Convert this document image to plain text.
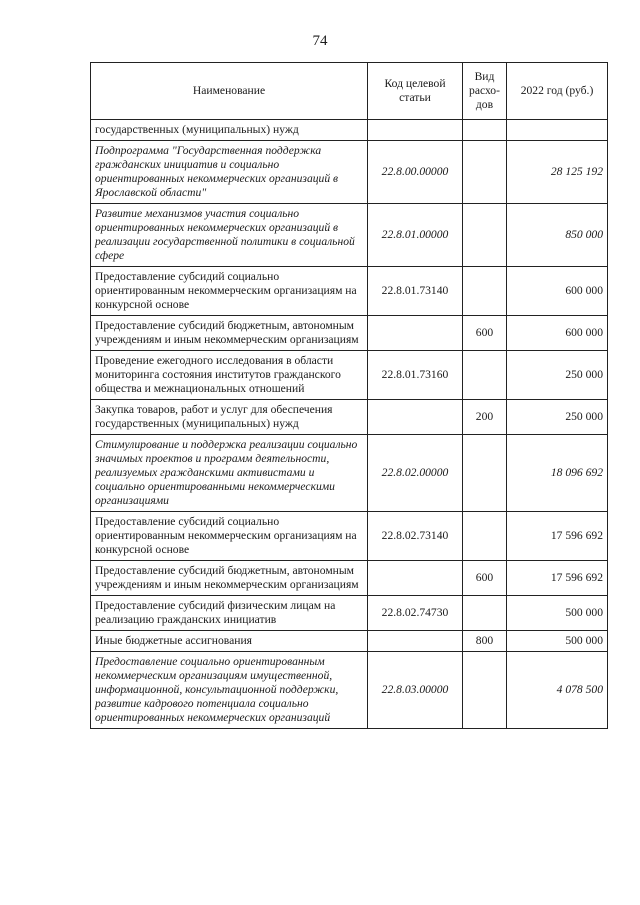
74
Наименование	Код целевой статьи	Вид расхо-дов	2022 год (руб.)
государственных (муниципальных) нужд			
Подпрограмма "Государственная поддержка гражданских инициатив и социально ориентированных некоммерческих организаций в Ярославской области"	22.8.00.00000		28 125 192
Развитие механизмов участия социально ориентированных некоммерческих организаций в реализации государственной политики в социальной сфере	22.8.01.00000		850 000
Предоставление субсидий социально ориентированным некоммерческим организациям на конкурсной основе	22.8.01.73140		600 000
Предоставление субсидий бюджетным, автономным учреждениям и иным некоммерческим организациям		600	600 000
Проведение ежегодного исследования в области мониторинга состояния институтов гражданского общества и межнациональных отношений	22.8.01.73160		250 000
Закупка товаров, работ и услуг для обеспечения государственных (муниципальных) нужд		200	250 000
Стимулирование и поддержка реализации социально значимых проектов и программ деятельности, реализуемых гражданскими активистами и социально ориентированными некоммерческими организациями	22.8.02.00000		18 096 692
Предоставление субсидий социально ориентированным некоммерческим организациям на конкурсной основе	22.8.02.73140		17 596 692
Предоставление субсидий бюджетным, автономным учреждениям и иным некоммерческим организациям		600	17 596 692
Предоставление субсидий физическим лицам на реализацию гражданских инициатив	22.8.02.74730		500 000
Иные бюджетные ассигнования		800	500 000
Предоставление социально ориентированным некоммерческим организациям имущественной, информационной, консультационной поддержки, развитие кадрового потенциала социально ориентированных некоммерческих организаций	22.8.03.00000		4 078 500
